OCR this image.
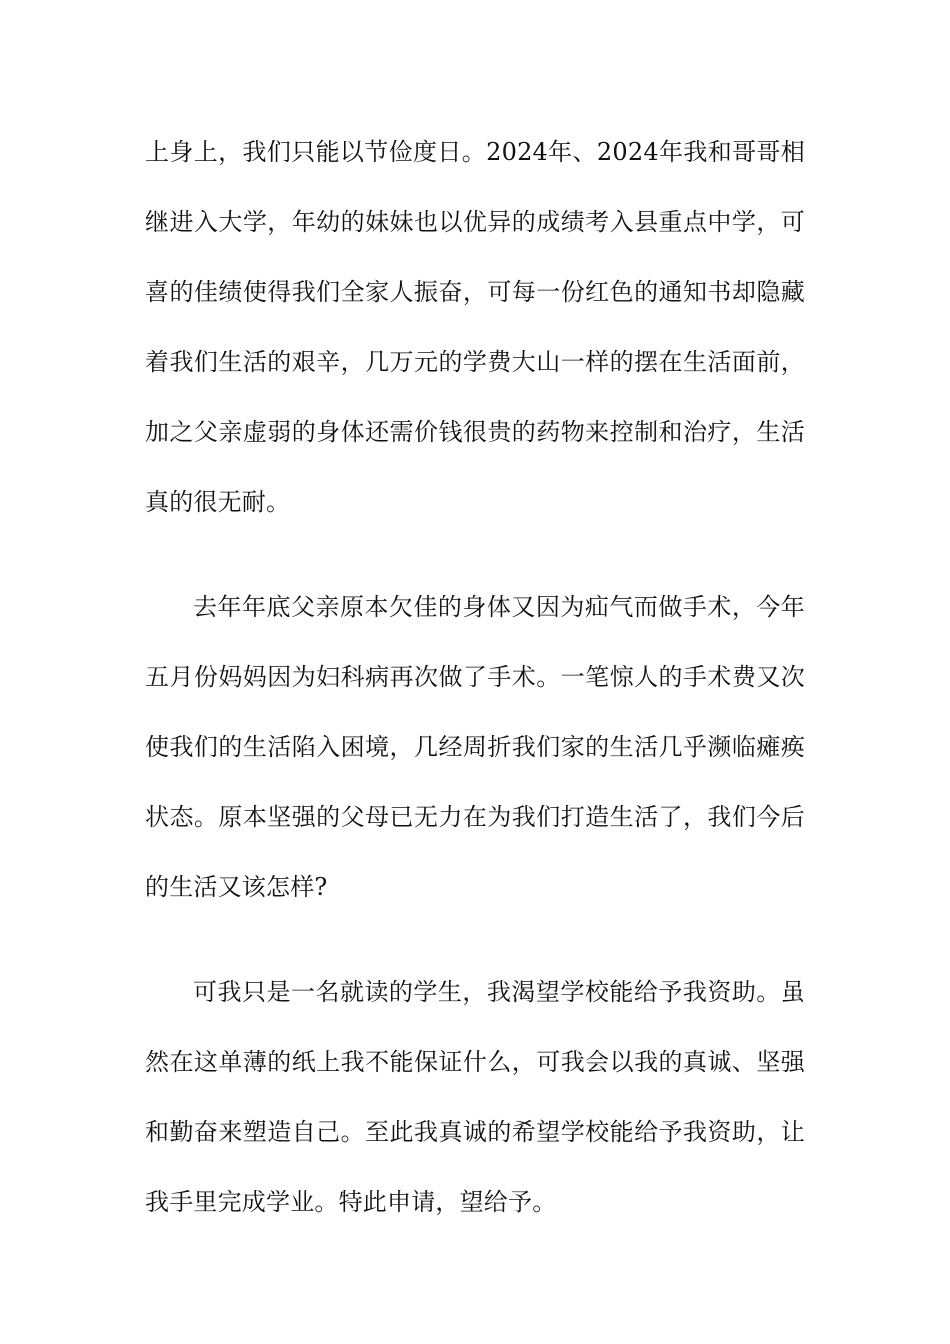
上身上，我们只能以节俭度日。2024年、2024年我和哥哥相继进入大学，年幼的妹妹也以优异的成绩考入县重点中学，可喜的佳绩使得我们全家人振奋，可每一份红色的通知书却隐藏着我们生活的艰辛，几万元的学费大山一样的摆在生活面前，加之父亲虚弱的身体还需价钱很贵的药物来控制和治疗，生活真的很无耐。

去年年底父亲原本欠佳的身体又因为疝气而做手术，今年五月份妈妈因为妇科病再次做了手术。一笔惊人的手术费又次使我们的生活陷入困境，几经周折我们家的生活几乎濒临瘫痪状态。原本坚强的父母已无力在为我们打造生活了，我们今后的生活又该怎样?

可我只是一名就读的学生，我渴望学校能给予我资助。虽然在这单薄的纸上我不能保证什么，可我会以我的真诚、坚强和勤奋来塑造自己。至此我真诚的希望学校能给予我资助，让我手里完成学业。特此申请，望给予。
